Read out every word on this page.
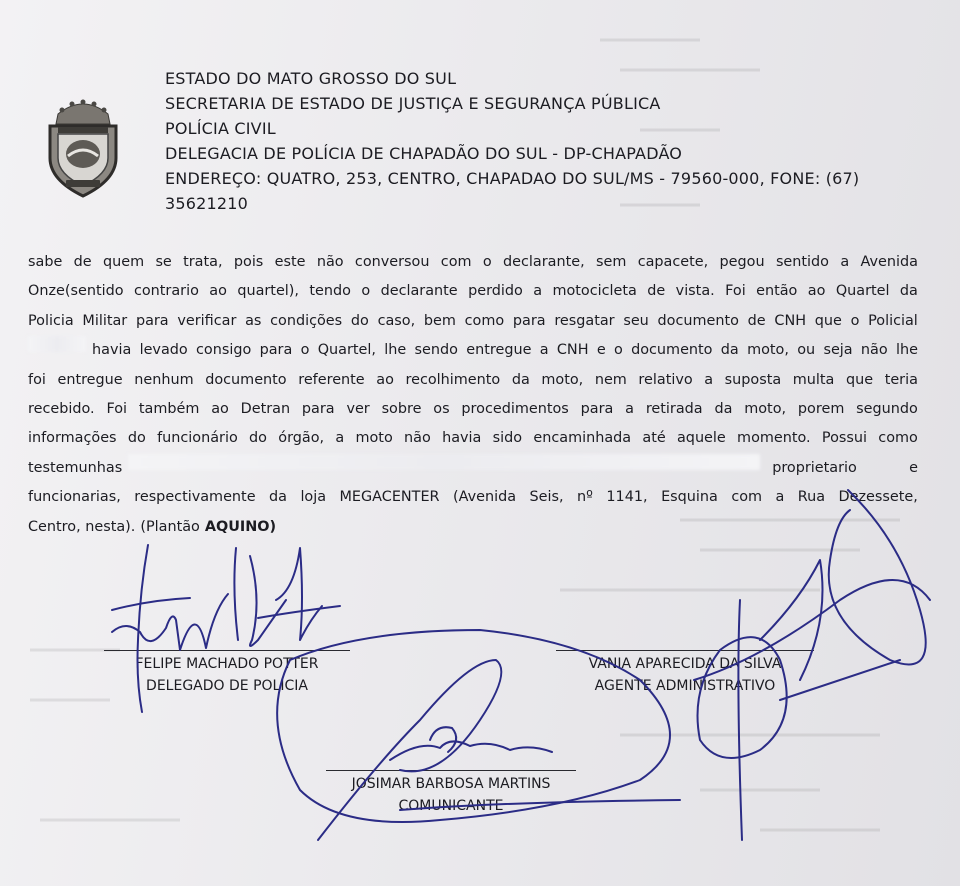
ESTADO DO MATO GROSSO DO SUL
SECRETARIA DE ESTADO DE JUSTIÇA E SEGURANÇA PÚBLICA
POLÍCIA CIVIL
DELEGACIA DE POLÍCIA DE CHAPADÃO DO SUL - DP-CHAPADÃO
ENDEREÇO: QUATRO, 253, CENTRO, CHAPADAO DO SUL/MS - 79560-000, FONE: (67)
35621210
sabe de quem se trata, pois este não conversou com o declarante, sem capacete, pegou sentido a Avenida
Onze(sentido contrario ao quartel), tendo o declarante perdido a motocicleta de vista. Foi então ao Quartel da
Policia Militar para verificar as condições do caso, bem como para resgatar seu documento de CNH que o Policial
havia levado consigo para o Quartel, lhe sendo entregue a CNH e o documento da moto, ou seja não lhe
foi entregue nenhum documento referente ao recolhimento da moto, nem relativo a suposta multa que teria
recebido. Foi também ao Detran para ver sobre os procedimentos para a retirada da moto, porem segundo
informações do funcionário do órgão, a moto não havia sido encaminhada até aquele momento. Possui como
testemunhas	proprietario	e
funcionarias, respectivamente da loja MEGACENTER (Avenida Seis, nº 1141, Esquina com a Rua Dezessete,
Centro, nesta). (Plantão AQUINO)
FELIPE MACHADO POTTER
DELEGADO DE POLÍCIA
VANIA APARECIDA DA SILVA
AGENTE ADMINISTRATIVO
JOSIMAR BARBOSA MARTINS
COMUNICANTE
